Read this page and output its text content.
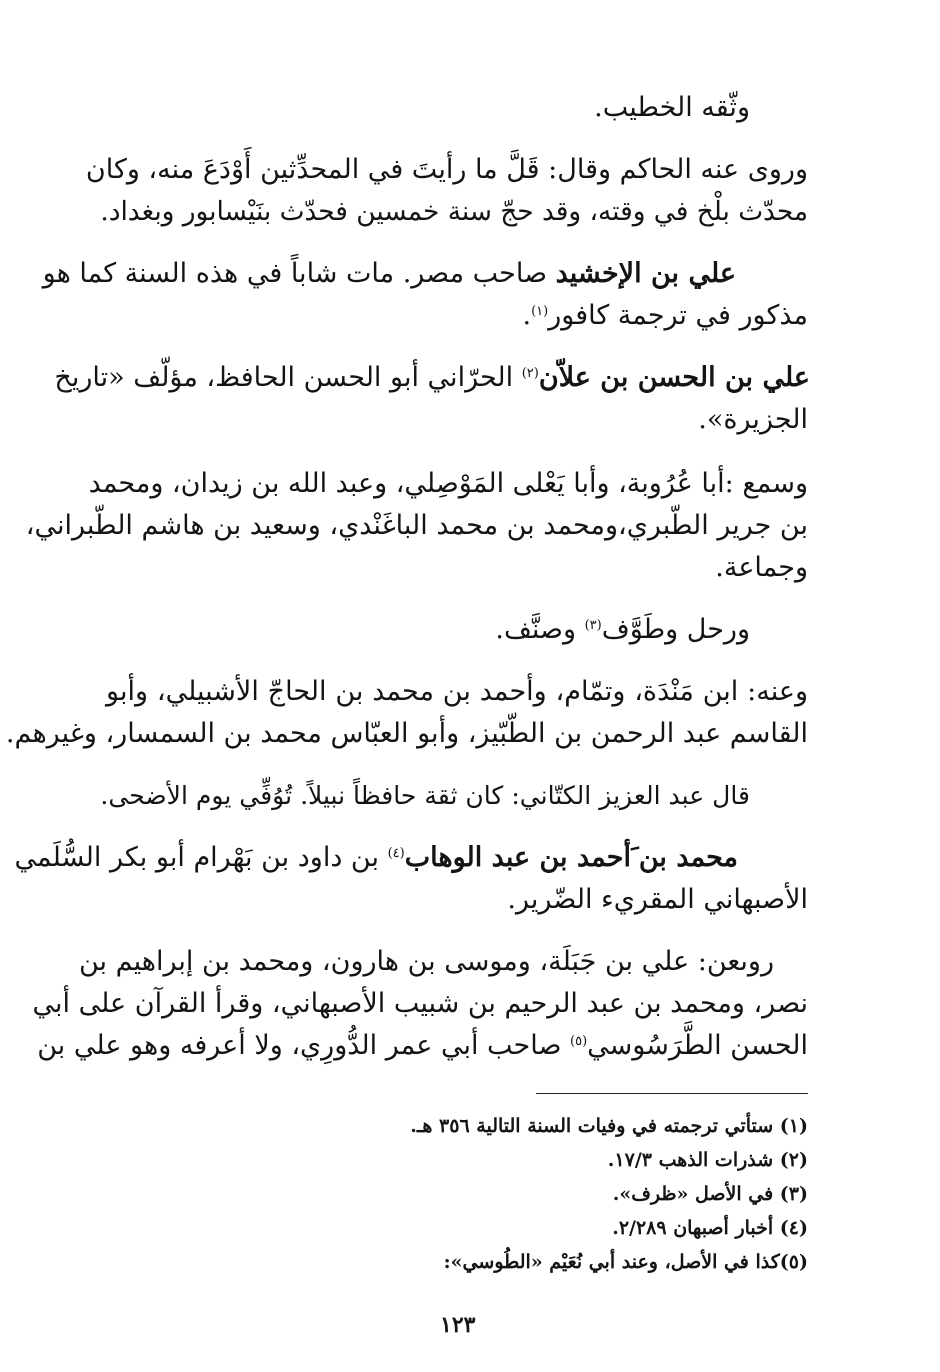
وثّقه الخطيب.
وروى عنه الحاكم وقال: قَلَّ ما رأيتَ في المحدِّثين أَوْدَعَ منه، وكان
محدّث بلْخ في وقته، وقد حجّ سنة خمسين فحدّث بنَيْسابور وبغداد.
علي بن الإخشيد صاحب مصر. مات شاباً في هذه السنة كما هو
مذكور في ترجمة كافور$^{(١)}$.
علي بن الحسن بن علاّن$^{(٢)}$ الحرّاني أبو الحسن الحافظ، مؤلّف «تاريخ
الجزيرة».
وسمع :أبا عُرُوبة، وأبا يَعْلى المَوْصِلي، وعبد الله بن زيدان، ومحمد
بن جرير الطّبري،ومحمد بن محمد الباغَنْدي، وسعيد بن هاشم الطّبراني،
وجماعة.
ورحل وطَوَّف$^{(٣)}$ وصنَّف.
وعنه: ابن مَنْدَة، وتمّام، وأحمد بن محمد بن الحاجّ الأشبيلي، وأبو
القاسم عبد الرحمن بن الطّبّيز، وأبو العبّاس محمد بن السمسار، وغيرهم.
قال عبد العزيز الكتّاني: كان ثقة حافظاً نبيلاً. تُوُفِّي يوم الأضحى.
محمد بن َأحمد بن عبد الوهاب$^{(٤)}$ بن داود بن بَهْرام أبو بكر السُّلَمي
الأصبهاني المقريء الضّرير.
روىعن: علي بن جَبَلَة، وموسى بن هارون، ومحمد بن إبراهيم بن
نصر، ومحمد بن عبد الرحيم بن شبيب الأصبهاني، وقرأ القرآن على أبي
الحسن الطَّرَسُوسي$^{(٥)}$ صاحب أبي عمر الدُّورِي، ولا أعرفه وهو علي بن
(١) ستأتي ترجمته في وفيات السنة التالية ٣٥٦ هـ.
(٢) شذرات الذهب ١٧/٣.
(٣) في الأصل «ظرف».
(٤) أخبار أصبهان ٢/٢٨٩.
(٥)كذا في الأصل، وعند أبي نُعَيْم «الطُوسي»:
١٢٣
